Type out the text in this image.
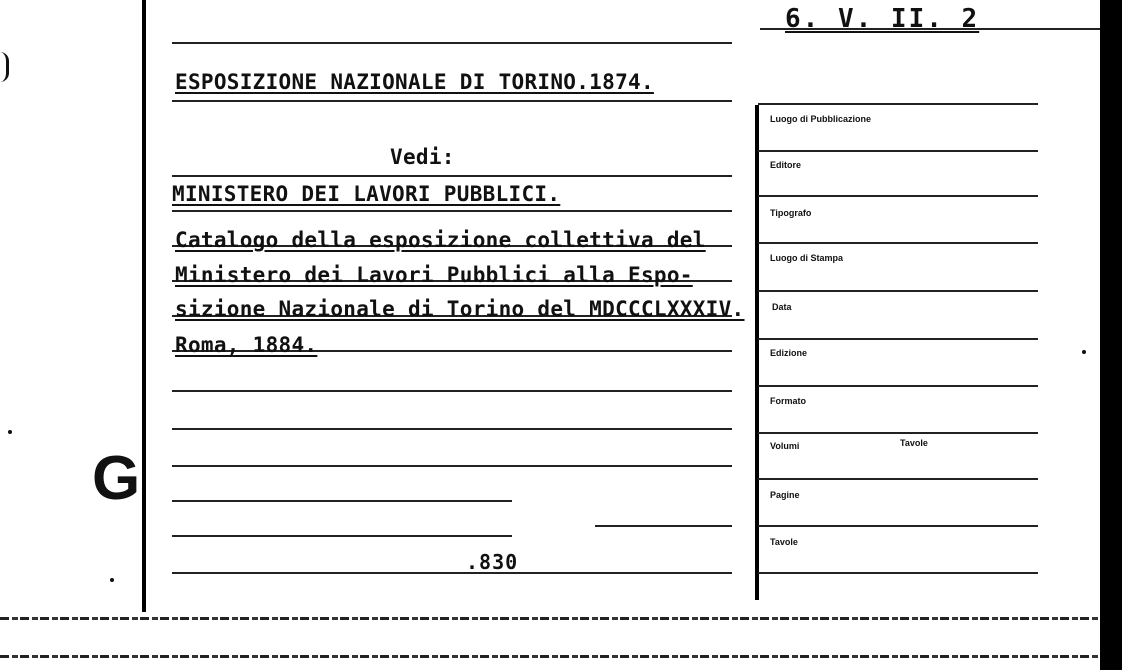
6. V. II. 2
ESPOSIZIONE NAZIONALE DI TORINO.1874.
Vedi:
MINISTERO DEI LAVORI PUBBLICI.
Catalogo della esposizione collettiva del
Ministero dei Lavori Pubblici alla Espo-
sizione Nazionale di Torino del MDCCCLXXXIV.
Roma, 1884.
G
.830
Luogo di Pubblicazione
Editore
Tipografo
Luogo di Stampa
Data
Edizione
Formato
Volumi	Tavole
Pagine
Tavole
